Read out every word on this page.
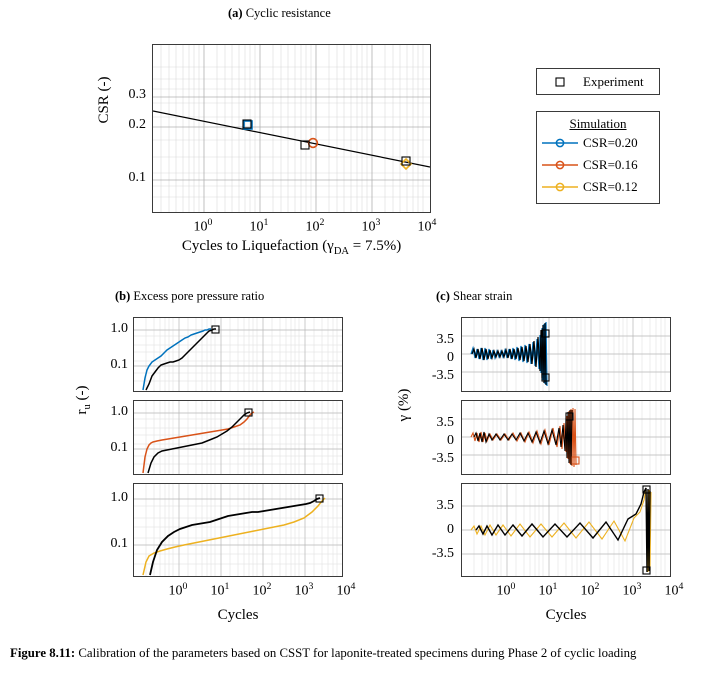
(a) Cyclic resistance
0.3
0.2
0.1
$10^0$	$10^1$	$10^2$	$10^3$	$10^4$
CSR (-)
Cycles to Liquefaction $(\gamma_{DA} = 7.5\%)$
Experiment
Simulation
CSR=0.20
CSR=0.16
CSR=0.12
(b) Excess pore pressure ratio	(c) Shear strain
1.0
0.1
1.0
0.1
$r_u$ (-)
1.0
0.1
$10^0$	$10^1$	$10^2$	$10^3$	$10^4$
Cycles
3.5
0
-3.5
3.5
0
-3.5
γ (%)
3.5
0
-3.5
$10^0$	$10^1$	$10^2$	$10^3$	$10^4$
Cycles
Figure 8.11: Calibration of the parameters based on CSST for laponite-treated specimens during Phase 2 of cyclic loading
